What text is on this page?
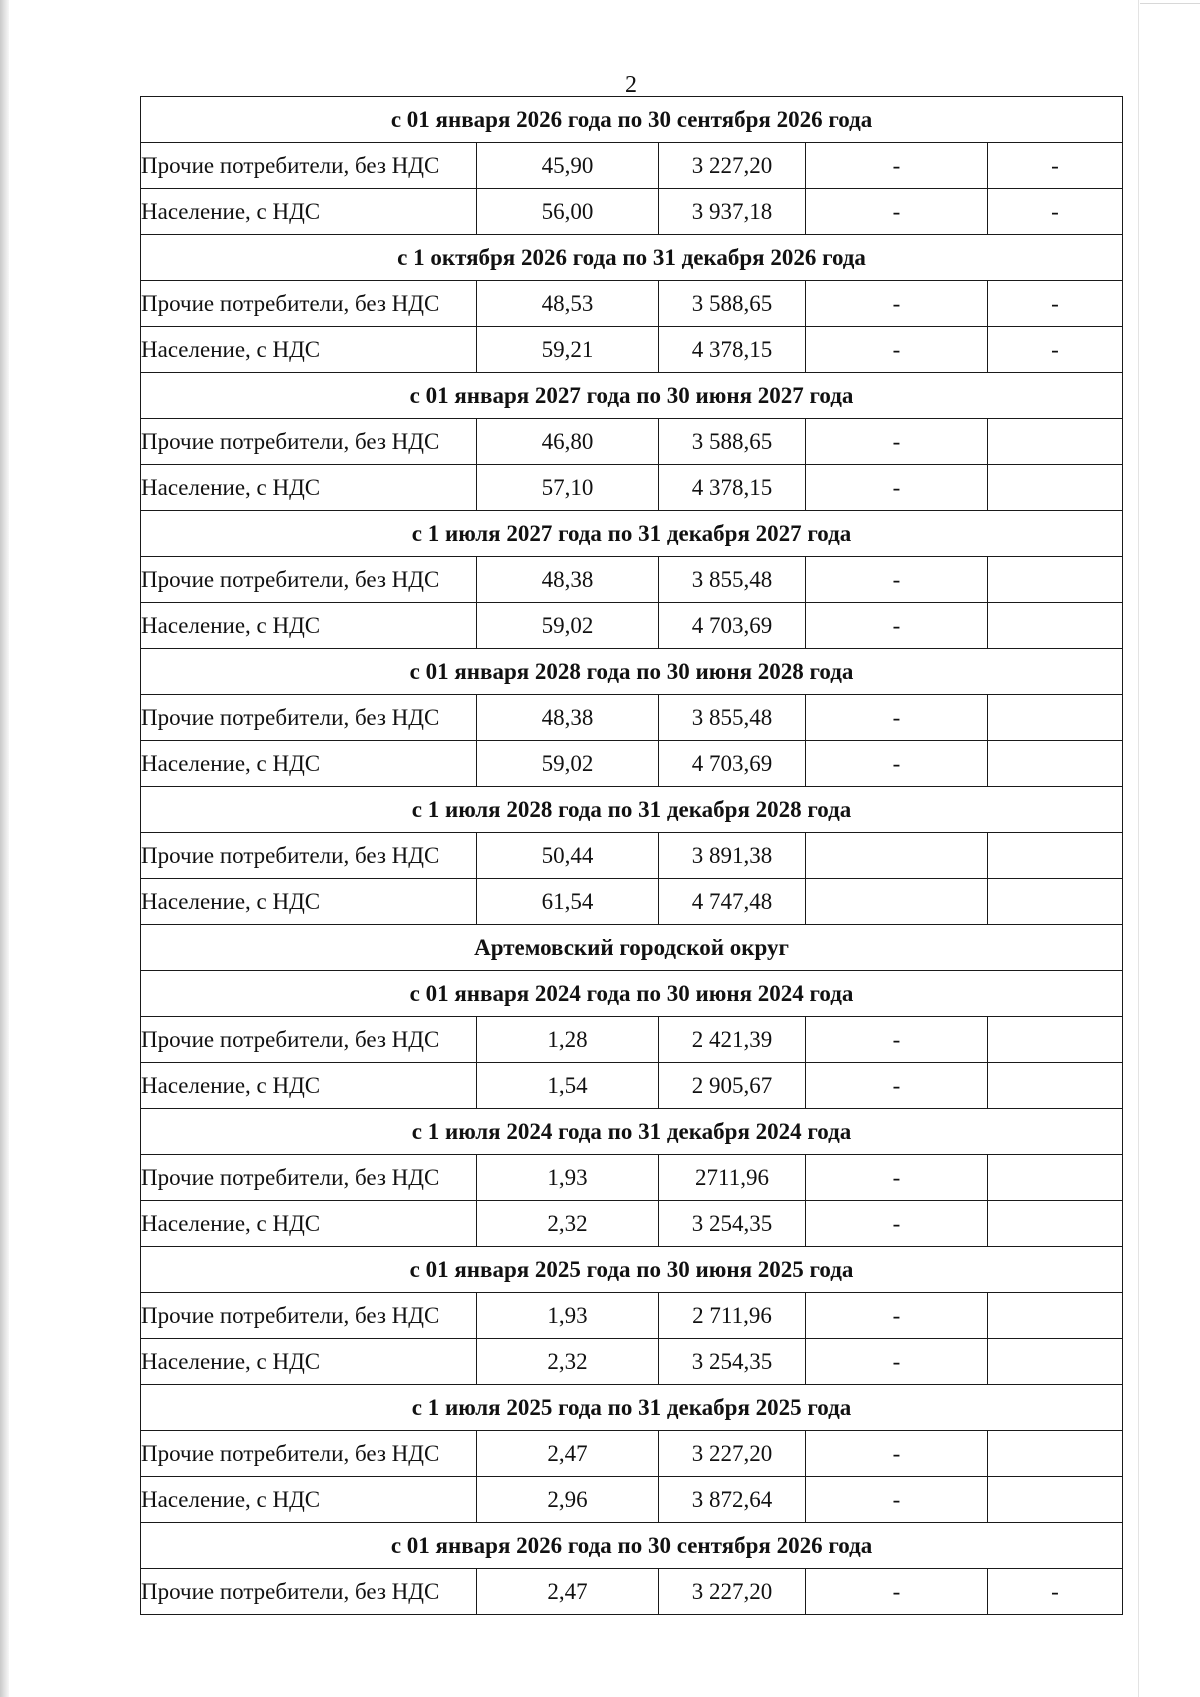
2
с 01 января 2026 года по 30 сентября 2026 года				
Прочие потребители, без НДС	45,90	3 227,20	-	-
Население, с НДС	56,00	3 937,18	-	-
с 1 октября 2026 года по 31 декабря 2026 года				
Прочие потребители, без НДС	48,53	3 588,65	-	-
Население, с НДС	59,21	4 378,15	-	-
с 01 января 2027 года по 30 июня 2027 года				
Прочие потребители, без НДС	46,80	3 588,65	-	
Население, с НДС	57,10	4 378,15	-	
с 1 июля 2027 года по 31 декабря 2027 года				
Прочие потребители, без НДС	48,38	3 855,48	-	
Население, с НДС	59,02	4 703,69	-	
с 01 января 2028 года по 30 июня 2028 года				
Прочие потребители, без НДС	48,38	3 855,48	-	
Население, с НДС	59,02	4 703,69	-	
с 1 июля 2028 года по 31 декабря 2028 года				
Прочие потребители, без НДС	50,44	3 891,38		
Население, с НДС	61,54	4 747,48		
Артемовский городской округ				
с 01 января 2024 года по 30 июня 2024 года				
Прочие потребители, без НДС	1,28	2 421,39	-	
Население, с НДС	1,54	2 905,67	-	
с 1 июля 2024 года по 31 декабря 2024 года				
Прочие потребители, без НДС	1,93	2711,96	-	
Население, с НДС	2,32	3 254,35	-	
с 01 января 2025 года по 30 июня 2025 года				
Прочие потребители, без НДС	1,93	2 711,96	-	
Население, с НДС	2,32	3 254,35	-	
с 1 июля 2025 года по 31 декабря 2025 года				
Прочие потребители, без НДС	2,47	3 227,20	-	
Население, с НДС	2,96	3 872,64	-	
с 01 января 2026 года по 30 сентября 2026 года				
Прочие потребители, без НДС	2,47	3 227,20	-	-
